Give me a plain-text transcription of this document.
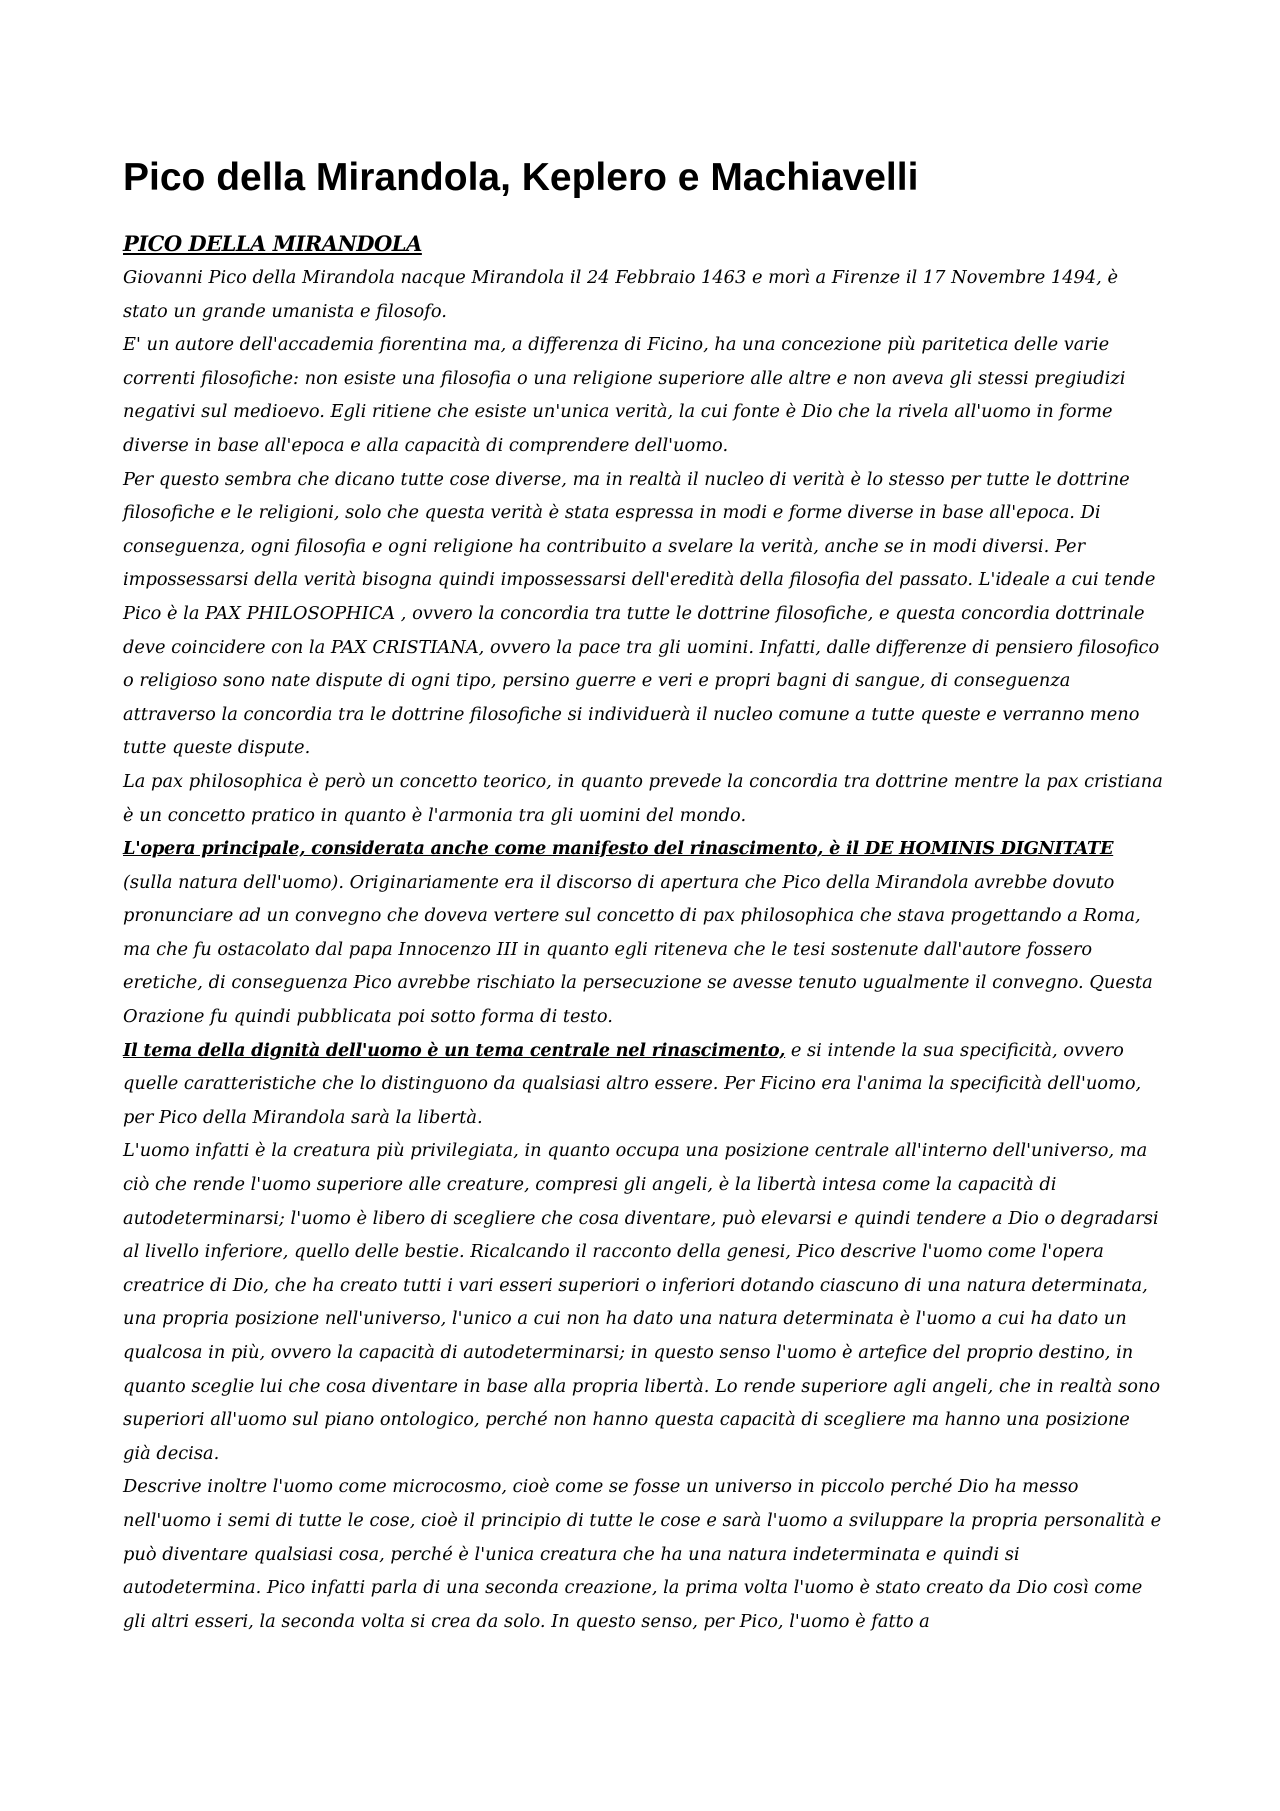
Pico della Mirandola, Keplero e Machiavelli
PICO DELLA MIRANDOLA

Giovanni Pico della Mirandola nacque Mirandola il 24 Febbraio 1463 e morì a Firenze il 17 Novembre 1494, è stato un grande umanista e filosofo.

E' un autore dell'accademia fiorentina ma, a differenza di Ficino, ha una concezione più paritetica delle varie correnti filosofiche: non esiste una filosofia o una religione superiore alle altre e non aveva gli stessi pregiudizi negativi sul medioevo. Egli ritiene che esiste un'unica verità, la cui fonte è Dio che la rivela all'uomo in forme diverse in base all'epoca e alla capacità di comprendere dell'uomo.

Per questo sembra che dicano tutte cose diverse, ma in realtà il nucleo di verità è lo stesso per tutte le dottrine filosofiche e le religioni, solo che questa verità è stata espressa in modi e forme diverse in base all'epoca. Di conseguenza, ogni filosofia e ogni religione ha contribuito a svelare la verità, anche se in modi diversi. Per impossessarsi della verità bisogna quindi impossessarsi dell'eredità della filosofia del passato. L'ideale a cui tende Pico è la PAX PHILOSOPHICA , ovvero la concordia tra tutte le dottrine filosofiche, e questa concordia dottrinale deve coincidere con la PAX CRISTIANA, ovvero la pace tra gli uomini. Infatti, dalle differenze di pensiero filosofico o religioso sono nate dispute di ogni tipo, persino guerre e veri e propri bagni di sangue, di conseguenza attraverso la concordia tra le dottrine filosofiche si individuerà il nucleo comune a tutte queste e verranno meno tutte queste dispute.

La pax philosophica è però un concetto teorico, in quanto prevede la concordia tra dottrine mentre la pax cristiana è un concetto pratico in quanto è l'armonia tra gli uomini del mondo.

L'opera principale, considerata anche come manifesto del rinascimento, è il DE HOMINIS DIGNITATE (sulla natura dell'uomo). Originariamente era il discorso di apertura che Pico della Mirandola avrebbe dovuto pronunciare ad un convegno che doveva vertere sul concetto di pax philosophica che stava progettando a Roma, ma che fu ostacolato dal papa Innocenzo III in quanto egli riteneva che le tesi sostenute dall'autore fossero eretiche, di conseguenza Pico avrebbe rischiato la persecuzione se avesse tenuto ugualmente il convegno. Questa Orazione fu quindi pubblicata poi sotto forma di testo.

Il tema della dignità dell'uomo è un tema centrale nel rinascimento, e si intende la sua specificità, ovvero quelle caratteristiche che lo distinguono da qualsiasi altro essere. Per Ficino era l'anima la specificità dell'uomo, per Pico della Mirandola sarà la libertà.

L'uomo infatti è la creatura più privilegiata, in quanto occupa una posizione centrale all'interno dell'universo, ma ciò che rende l'uomo superiore alle creature, compresi gli angeli, è la libertà intesa come la capacità di autodeterminarsi; l'uomo è libero di scegliere che cosa diventare, può elevarsi e quindi tendere a Dio o degradarsi al livello inferiore, quello delle bestie. Ricalcando il racconto della genesi, Pico descrive l'uomo come l'opera creatrice di Dio, che ha creato tutti i vari esseri superiori o inferiori dotando ciascuno di una natura determinata, una propria posizione nell'universo, l'unico a cui non ha dato una natura determinata è l'uomo a cui ha dato un qualcosa in più, ovvero la capacità di autodeterminarsi; in questo senso l'uomo è artefice del proprio destino, in quanto sceglie lui che cosa diventare in base alla propria libertà. Lo rende superiore agli angeli, che in realtà sono superiori all'uomo sul piano ontologico, perché non hanno questa capacità di scegliere ma hanno una posizione già decisa.

Descrive inoltre l'uomo come microcosmo, cioè come se fosse un universo in piccolo perché Dio ha messo nell'uomo i semi di tutte le cose, cioè il principio di tutte le cose e sarà l'uomo a sviluppare la propria personalità e può diventare qualsiasi cosa, perché è l'unica creatura che ha una natura indeterminata e quindi si autodetermina. Pico infatti parla di una seconda creazione, la prima volta l'uomo è stato creato da Dio così come gli altri esseri, la seconda volta si crea da solo. In questo senso, per Pico, l'uomo è fatto a
